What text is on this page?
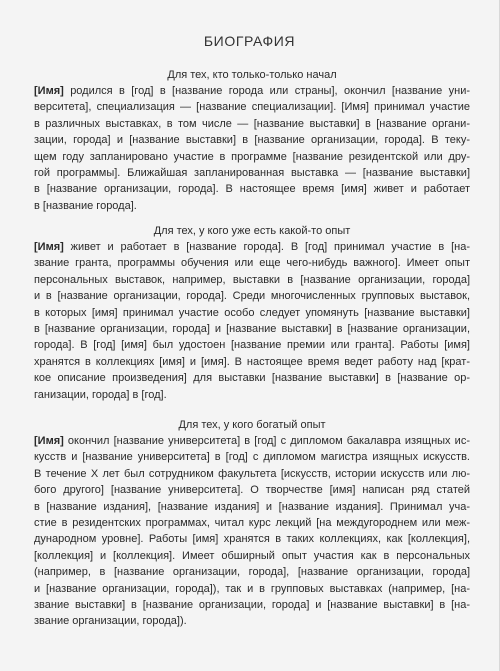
БИОГРАФИЯ
Для тех, кто только-только начал
[Имя] родился в [год] в [название города или страны], окончил [название уни-
верситета], специализация — [название специализации]. [Имя] принимал участие
в различных выставках, в том числе — [название выставки] в [название органи-
зации, города] и [название выставки] в [название организации, города]. В теку-
щем году запланировано участие в программе [название резидентской или дру-
гой программы]. Ближайшая запланированная выставка — [название выставки]
в [название организации, города]. В настоящее время [имя] живет и работает
в [название города].
Для тех, у кого уже есть какой-то опыт
[Имя] живет и работает в [название города]. В [год] принимал участие в [на-
звание гранта, программы обучения или еще чего-нибудь важного]. Имеет опыт
персональных выставок, например, выставки в [название организации, города]
и в [название организации, города]. Среди многочисленных групповых выставок,
в которых [имя] принимал участие особо следует упомянуть [название выставки]
в [название организации, города] и [название выставки] в [название организации,
города]. В [год] [имя] был удостоен [название премии или гранта]. Работы [имя]
хранятся в коллекциях [имя] и [имя]. В настоящее время ведет работу над [крат-
кое описание произведения] для выставки [название выставки] в [название ор-
ганизации, города] в [год].
Для тех, у кого богатый опыт
[Имя] окончил [название университета] в [год] с дипломом бакалавра изящных ис-
кусств и [название университета] в [год] с дипломом магистра изящных искусств.
В течение X лет был сотрудником факультета [искусств, истории искусств или лю-
бого другого] [название университета]. О творчестве [имя] написан ряд статей
в [название издания], [название издания] и [название издания]. Принимал уча-
стие в резидентских программах, читал курс лекций [на междугороднем или меж-
дународном уровне]. Работы [имя] хранятся в таких коллекциях, как [коллекция],
[коллекция] и [коллекция]. Имеет обширный опыт участия как в персональных
(например, в [название организации, города], [название организации, города]
и [название организации, города]), так и в групповых выставках (например, [на-
звание выставки] в [название организации, города] и [название выставки] в [на-
звание организации, города]).
